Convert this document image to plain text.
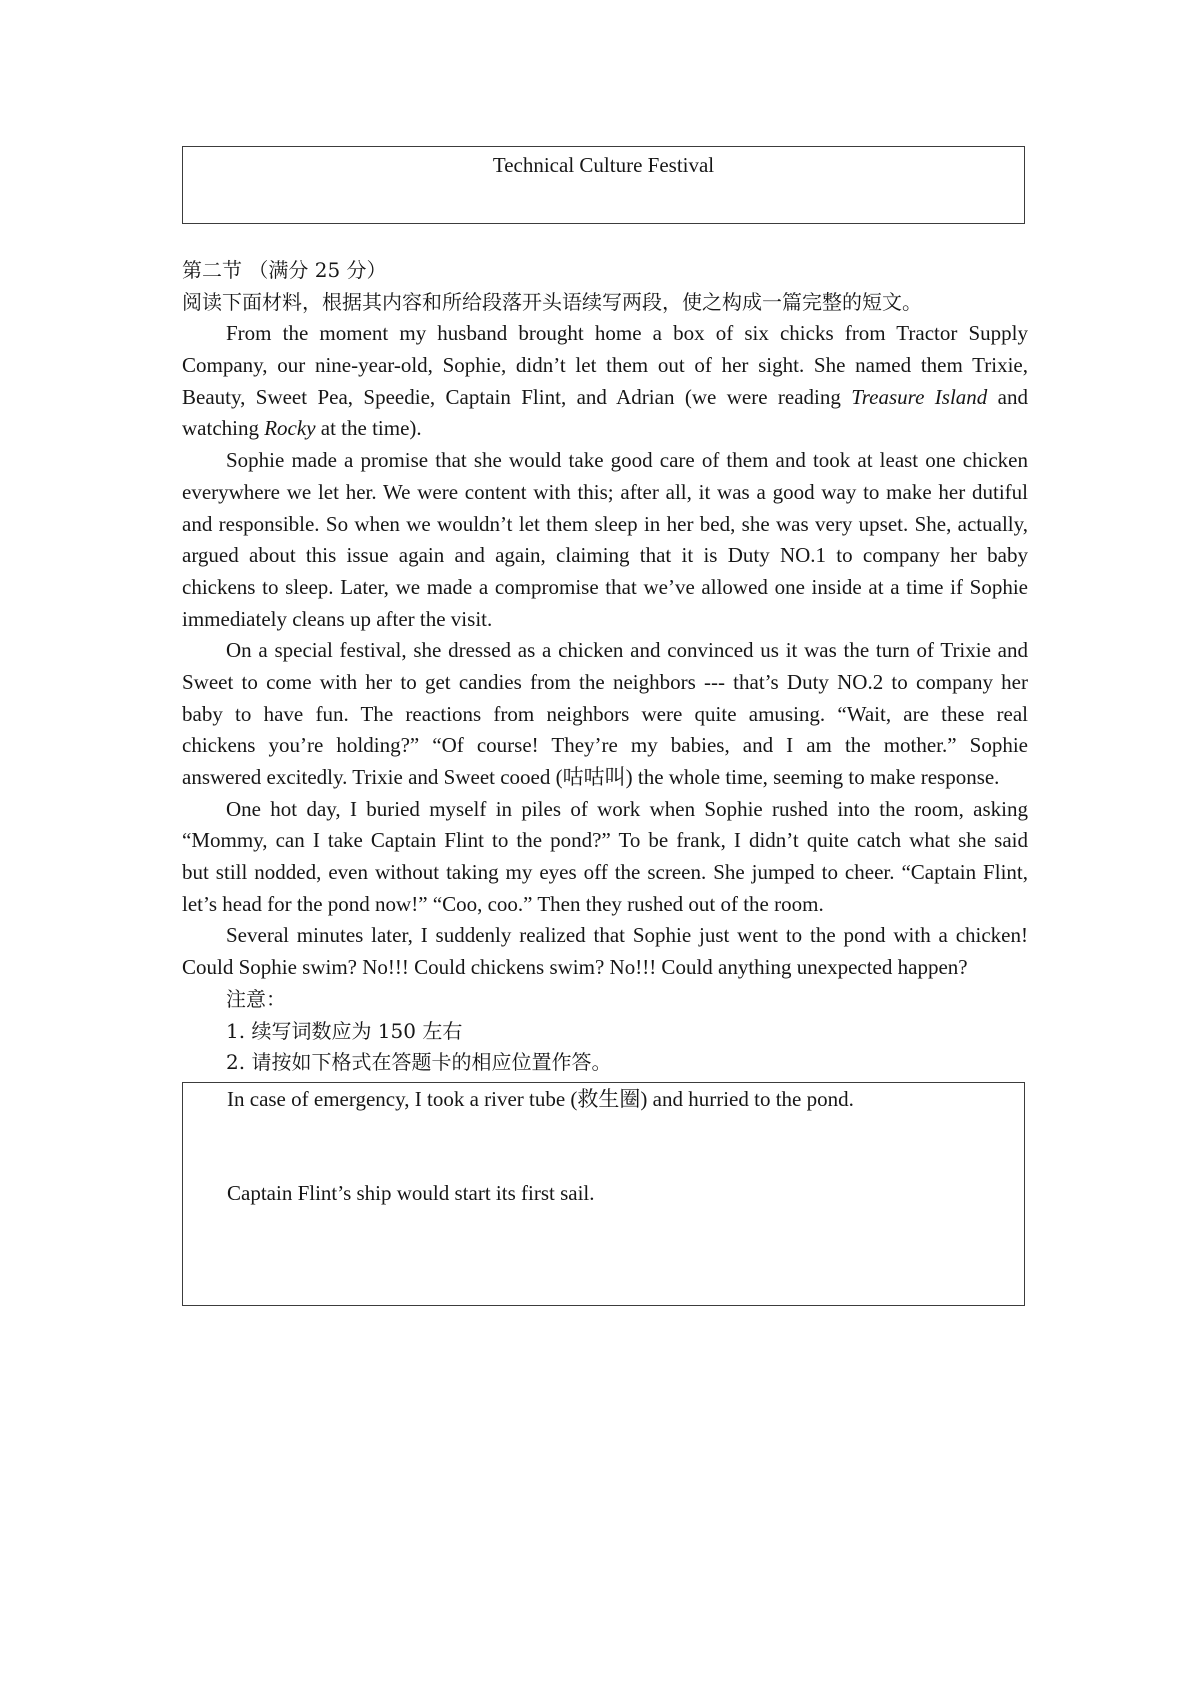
Technical Culture Festival
第二节 （满分 25 分）
阅读下面材料，根据其内容和所给段落开头语续写两段，使之构成一篇完整的短文。
From the moment my husband brought home a box of six chicks from Tractor Supply
Company, our nine-year-old, Sophie, didn’t let them out of her sight. She named them Trixie,
Beauty, Sweet Pea, Speedie, Captain Flint, and Adrian (we were reading Treasure Island and
watching Rocky at the time).
Sophie made a promise that she would take good care of them and took at least one chicken
everywhere we let her. We were content with this; after all, it was a good way to make her dutiful
and responsible. So when we wouldn’t let them sleep in her bed, she was very upset. She, actually,
argued about this issue again and again, claiming that it is Duty NO.1 to company her baby
chickens to sleep. Later, we made a compromise that we’ve allowed one inside at a time if Sophie
immediately cleans up after the visit.
On a special festival, she dressed as a chicken and convinced us it was the turn of Trixie and
Sweet to come with her to get candies from the neighbors --- that’s Duty NO.2 to company her
baby to have fun. The reactions from neighbors were quite amusing. “Wait, are these real
chickens you’re holding?” “Of course! They’re my babies, and I am the mother.” Sophie
answered excitedly. Trixie and Sweet cooed (咕咕叫) the whole time, seeming to make response.
One hot day, I buried myself in piles of work when Sophie rushed into the room, asking
“Mommy, can I take Captain Flint to the pond?” To be frank, I didn’t quite catch what she said
but still nodded, even without taking my eyes off the screen. She jumped to cheer. “Captain Flint,
let’s head for the pond now!” “Coo, coo.” Then they rushed out of the room.
Several minutes later, I suddenly realized that Sophie just went to the pond with a chicken!
Could Sophie swim? No!!! Could chickens swim? No!!! Could anything unexpected happen?
注意：
1. 续写词数应为 150 左右
2. 请按如下格式在答题卡的相应位置作答。
In case of emergency, I took a river tube (救生圈) and hurried to the pond.
Captain Flint’s ship would start its first sail.
